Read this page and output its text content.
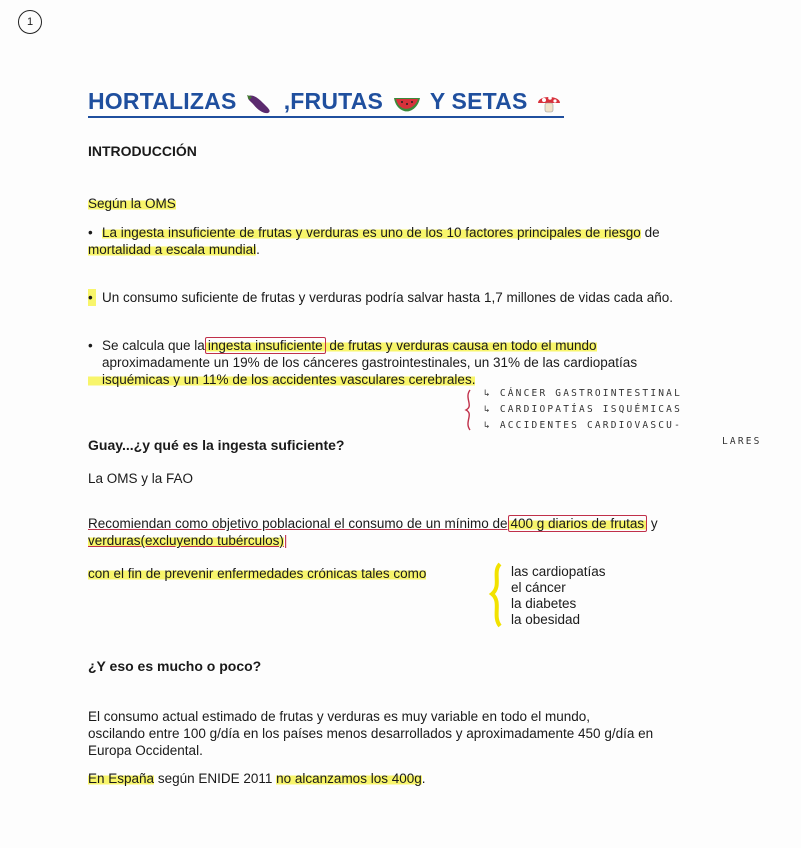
1
HORTALIZAS ,FRUTAS Y SETAS
INTRODUCCIÓN
Según la OMS
• La ingesta insuficiente de frutas y verduras es uno de los 10 factores principales de riesgo de
mortalidad a escala mundial.
• Un consumo suficiente de frutas y verduras podría salvar hasta 1,7 millones de vidas cada año.
• Se calcula que la ingesta insuficiente de frutas y verduras causa en todo el mundo
aproximadamente un 19% de los cánceres gastrointestinales, un 31% de las cardiopatías
isquémicas y un 11% de los accidentes vasculares cerebrales.
↳ CÁNCER GASTROINTESTINAL
↳ CARDIOPATÍAS ISQUÉMICAS
↳ ACCIDENTES CARDIOVASCU-
LARES
Guay...¿y qué es la ingesta suficiente?
La OMS y la FAO
Recomiendan como objetivo poblacional el consumo de un mínimo de 400 g diarios de frutas y
verduras(excluyendo tubérculos)|
con el fin de prevenir enfermedades crónicas tales como	las cardiopatías
el cáncer
la diabetes
la obesidad
¿Y eso es mucho o poco?
El consumo actual estimado de frutas y verduras es muy variable en todo el mundo,
oscilando entre 100 g/día en los países menos desarrollados y aproximadamente 450 g/día en
Europa Occidental.
En España según ENIDE 2011 no alcanzamos los 400g.
